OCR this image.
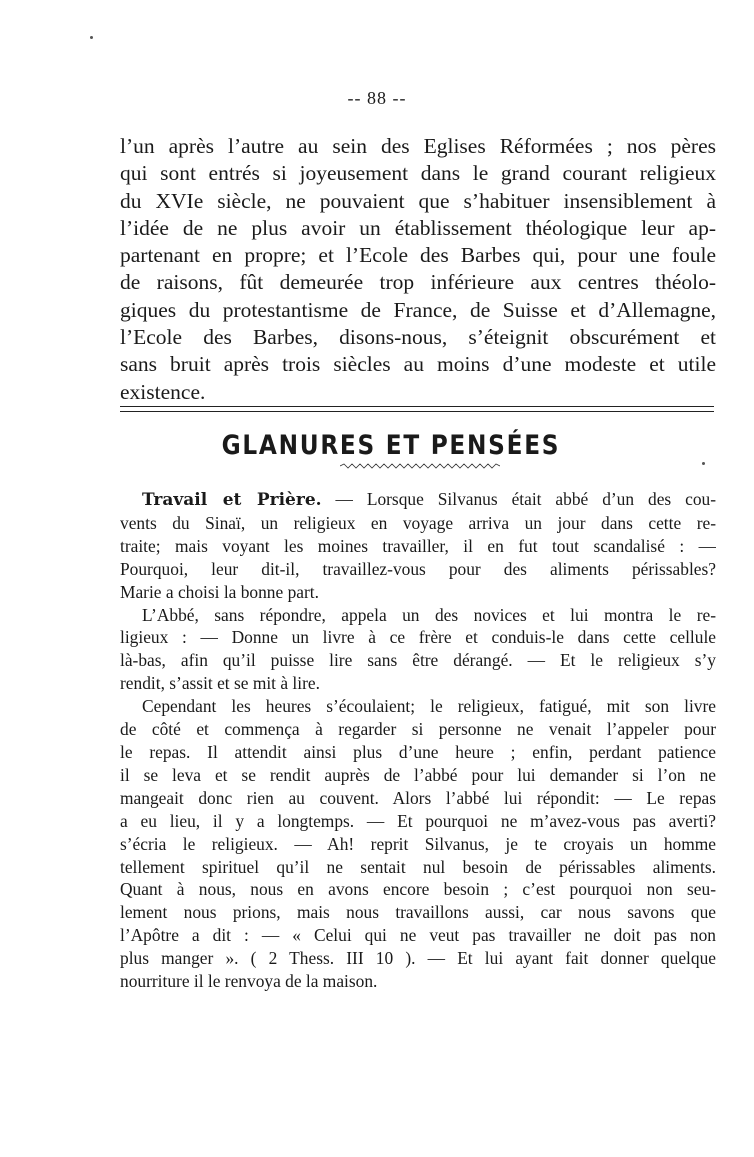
-- 88 --
l’un après l’autre au sein des Eglises Réformées ; nos pères
qui sont entrés si joyeusement dans le grand courant religieux
du XVIe siècle, ne pouvaient que s’habituer insensiblement à
l’idée de ne plus avoir un établissement théologique leur ap-
partenant en propre; et l’Ecole des Barbes qui, pour une foule
de raisons, fût demeurée trop inférieure aux centres théolo-
giques du protestantisme de France, de Suisse et d’Allemagne,
l’Ecole des Barbes, disons-nous, s’éteignit obscurément et
sans bruit après trois siècles au moins d’une modeste et utile
existence.
GLANURES ET PENSÉES
Travail et Prière. — Lorsque Silvanus était abbé d’un des cou-
vents du Sinaï, un religieux en voyage arriva un jour dans cette re-
traite; mais voyant les moines travailler, il en fut tout scandalisé : —
Pourquoi, leur dit-il, travaillez-vous pour des aliments périssables?
Marie a choisi la bonne part.
L’Abbé, sans répondre, appela un des novices et lui montra le re-
ligieux : — Donne un livre à ce frère et conduis-le dans cette cellule
là-bas, afin qu’il puisse lire sans être dérangé. — Et le religieux s’y
rendit, s’assit et se mit à lire.
Cependant les heures s’écoulaient; le religieux, fatigué, mit son livre
de côté et commença à regarder si personne ne venait l’appeler pour
le repas. Il attendit ainsi plus d’une heure ; enfin, perdant patience
il se leva et se rendit auprès de l’abbé pour lui demander si l’on ne
mangeait donc rien au couvent. Alors l’abbé lui répondit: — Le repas
a eu lieu, il y a longtemps. — Et pourquoi ne m’avez-vous pas averti?
s’écria le religieux. — Ah! reprit Silvanus, je te croyais un homme
tellement spirituel qu’il ne sentait nul besoin de périssables aliments.
Quant à nous, nous en avons encore besoin ; c’est pourquoi non seu-
lement nous prions, mais nous travaillons aussi, car nous savons que
l’Apôtre a dit : — « Celui qui ne veut pas travailler ne doit pas non
plus manger ». ( 2 Thess. III 10 ). — Et lui ayant fait donner quelque
nourriture il le renvoya de la maison.
